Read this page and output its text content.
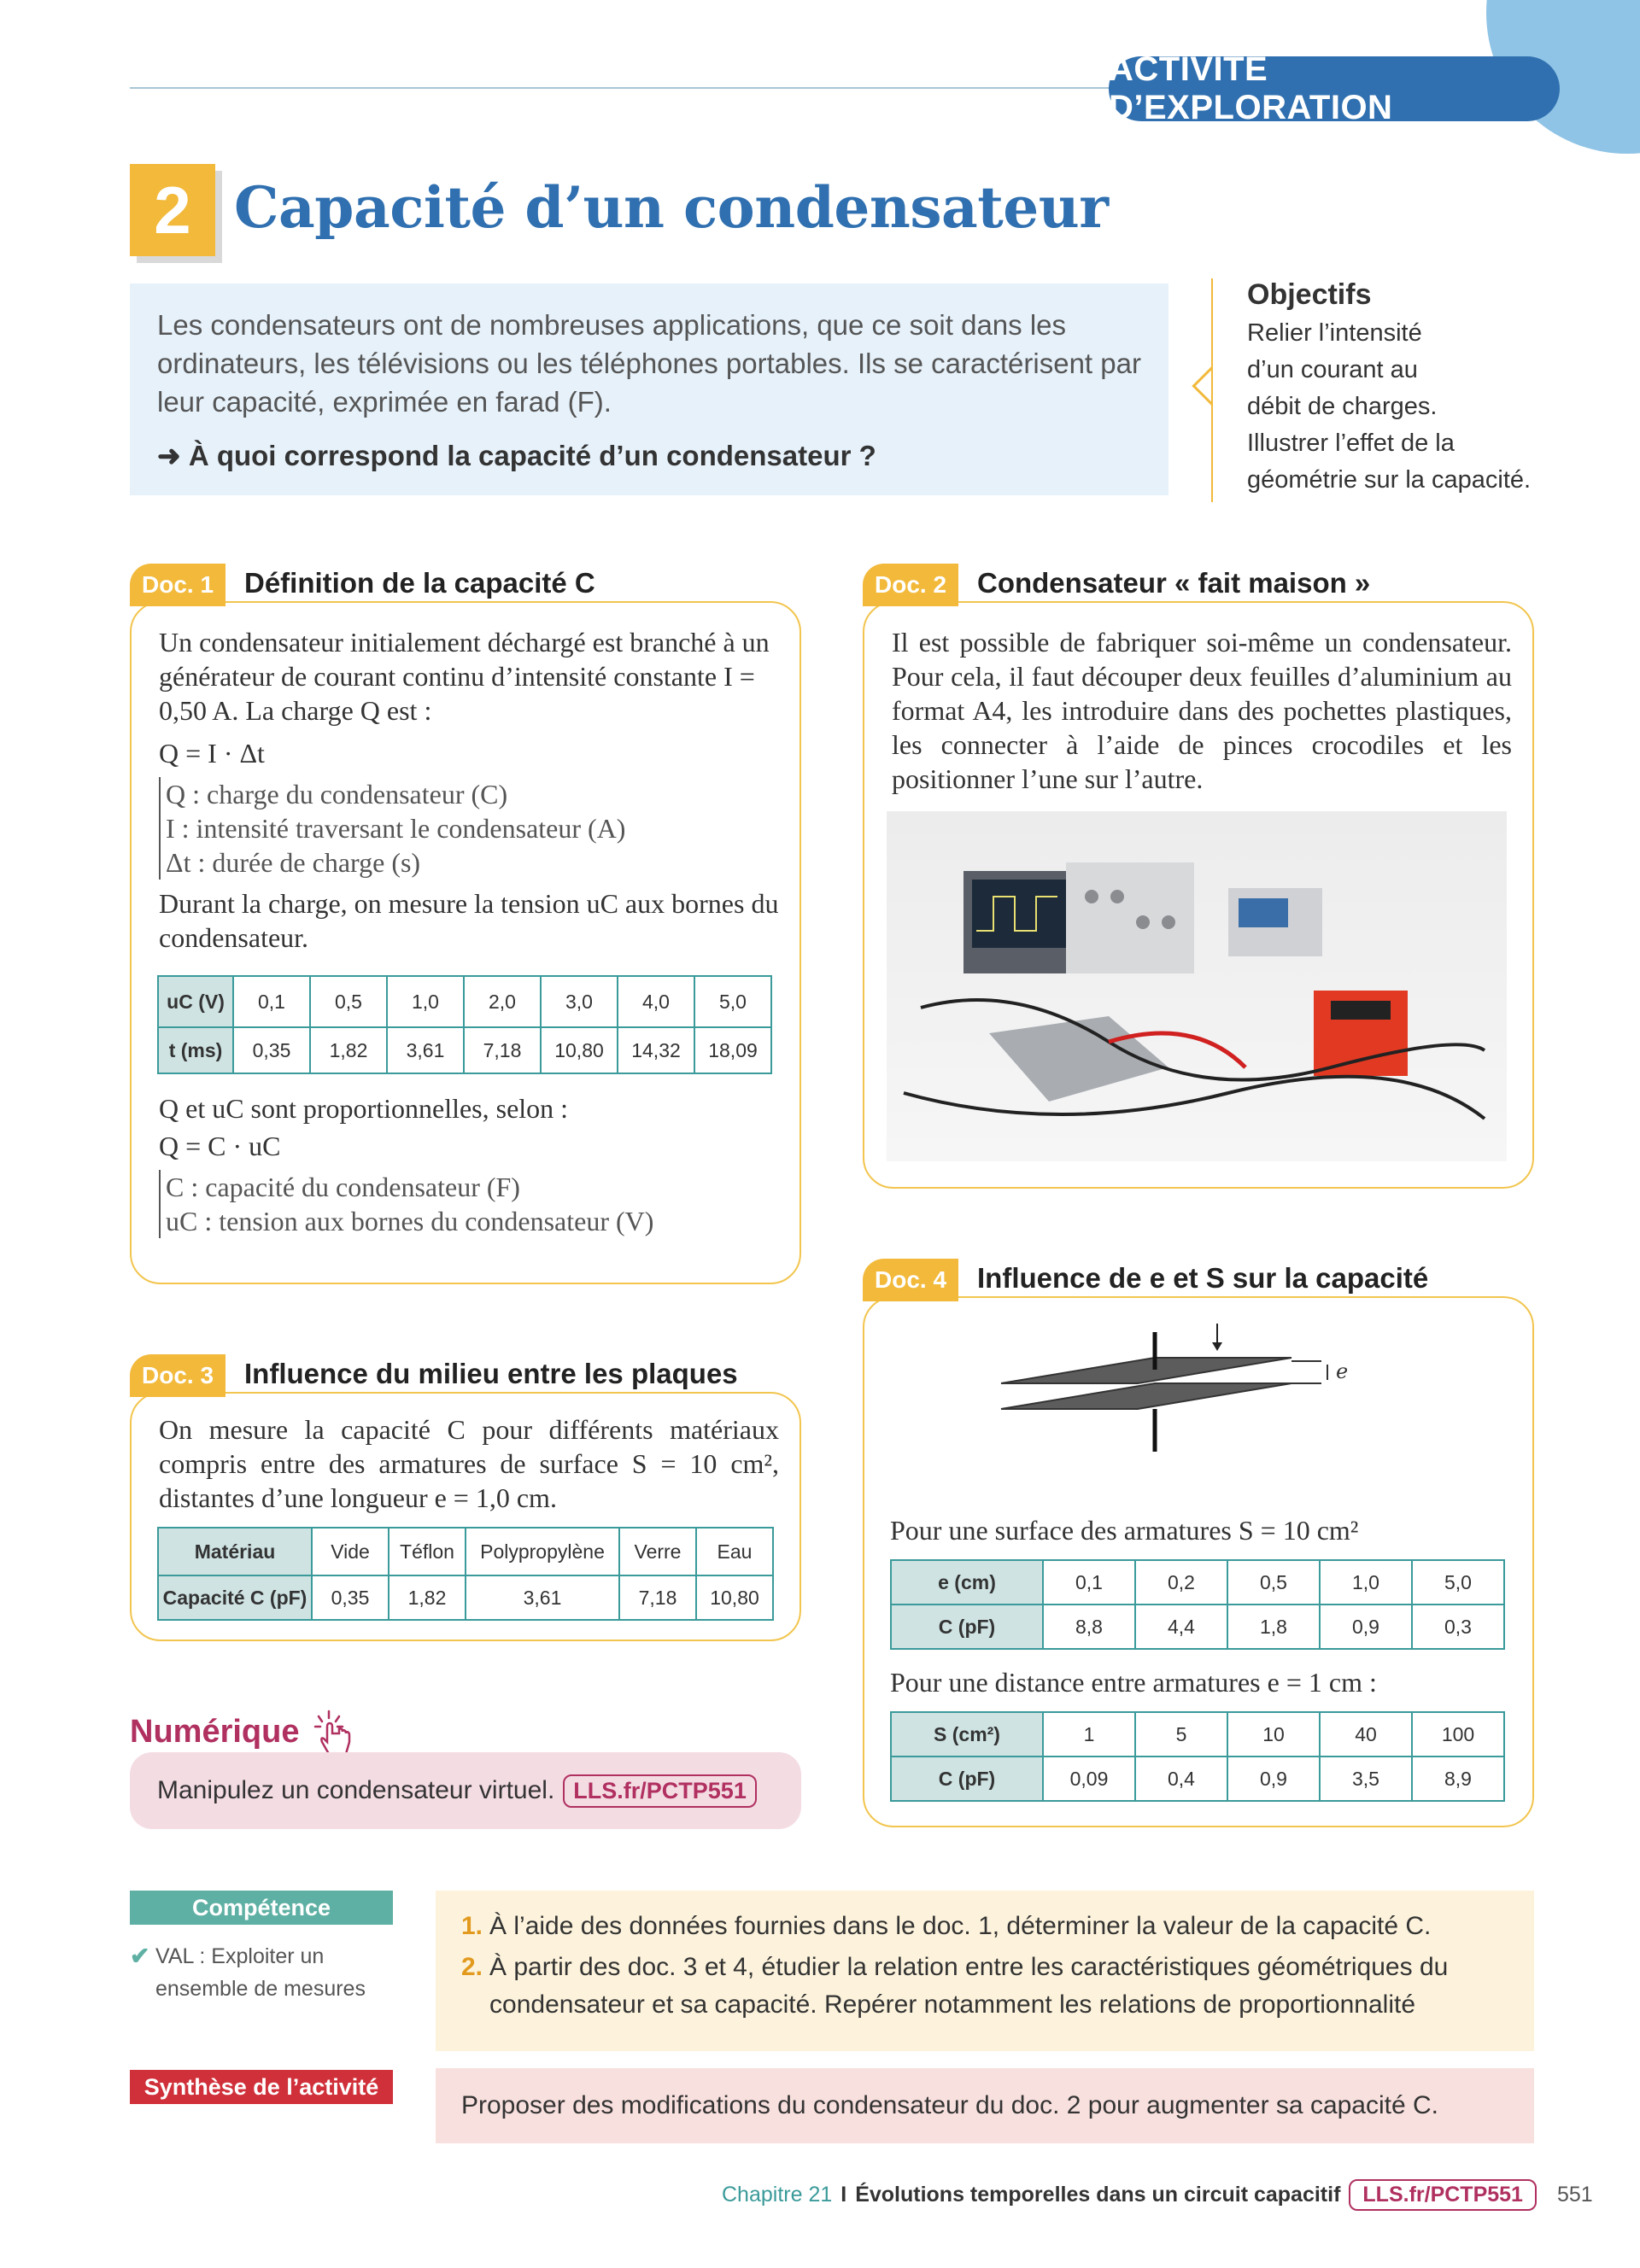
ACTIVITÉ D’EXPLORATION
2 Capacité d’un condensateur

Les condensateurs ont de nombreuses applications, que ce soit dans les ordinateurs, les télévisions ou les téléphones portables. Ils se caractérisent par leur capacité, exprimée en farad (F).

➜ À quoi correspond la capacité d’un condensateur ?

Objectifs

Relier l’intensité

d’un courant au

débit de charges.

Illustrer l’effet de la

géométrie sur la capacité.

Un condensateur initialement déchargé est branché à un générateur de courant continu d’intensité constante I = 0,50 A. La charge Q est :

Q = I · Δt

Q : charge du condensateur (C)

I : intensité traversant le condensateur (A)

Δt : durée de charge (s)

Durant la charge, on mesure la tension uC aux bornes du condensateur.

uC (V)	0,1	0,5	1,0	2,0	3,0	4,0	5,0
t (ms)	0,35	1,82	3,61	7,18	10,80	14,32	18,09

Q et uC sont proportionnelles, selon :

Q = C · uC

C : capacité du condensateur (F)

uC : tension aux bornes du condensateur (V)

Doc. 1	Définition de la capacité C

Il est possible de fabriquer soi-même un condensateur. Pour cela, il faut découper deux feuilles d’aluminium au format A4, les introduire dans des pochettes plastiques, les connecter à l’aide de pinces crocodiles et les positionner l’une sur l’autre.

Doc. 2	Condensateur « fait maison »

On mesure la capacité C pour différents matériaux compris entre des armatures de surface S = 10 cm², distantes d’une longueur e = 1,0 cm.

Matériau	Vide	Téflon	Polypropylène	Verre	Eau
Capacité C (pF)	0,35	1,82	3,61	7,18	10,80
Doc. 3	Influence du milieu entre les plaques	e

Pour une surface des armatures S = 10 cm²

e (cm)	0,1	0,2	0,5	1,0	5,0
C (pF)	8,8	4,4	1,8	0,9	0,3

Pour une distance entre armatures e = 1 cm :

S (cm²)	1	5	10	40	100
C (pF)	0,09	0,4	0,9	3,5	8,9
Doc. 4	Influence de e et S sur la capacité
Numérique
Manipulez un condensateur virtuel. LLS.fr/PCTP551
Compétence
✔ VAL : Exploiter un ensemble de mesures
Synthèse de l’activité
1. À l’aide des données fournies dans le doc. 1, déterminer la valeur de la capacité C.
2. À partir des doc. 3 et 4, étudier la relation entre les caractéristiques géométriques du condensateur et sa capacité. Repérer notamment les relations de proportionnalité
Proposer des modifications du condensateur du doc. 2 pour augmenter sa capacité C.
Chapitre 21 I Évolutions temporelles dans un circuit capacitif	LLS.fr/PCTP551	551
